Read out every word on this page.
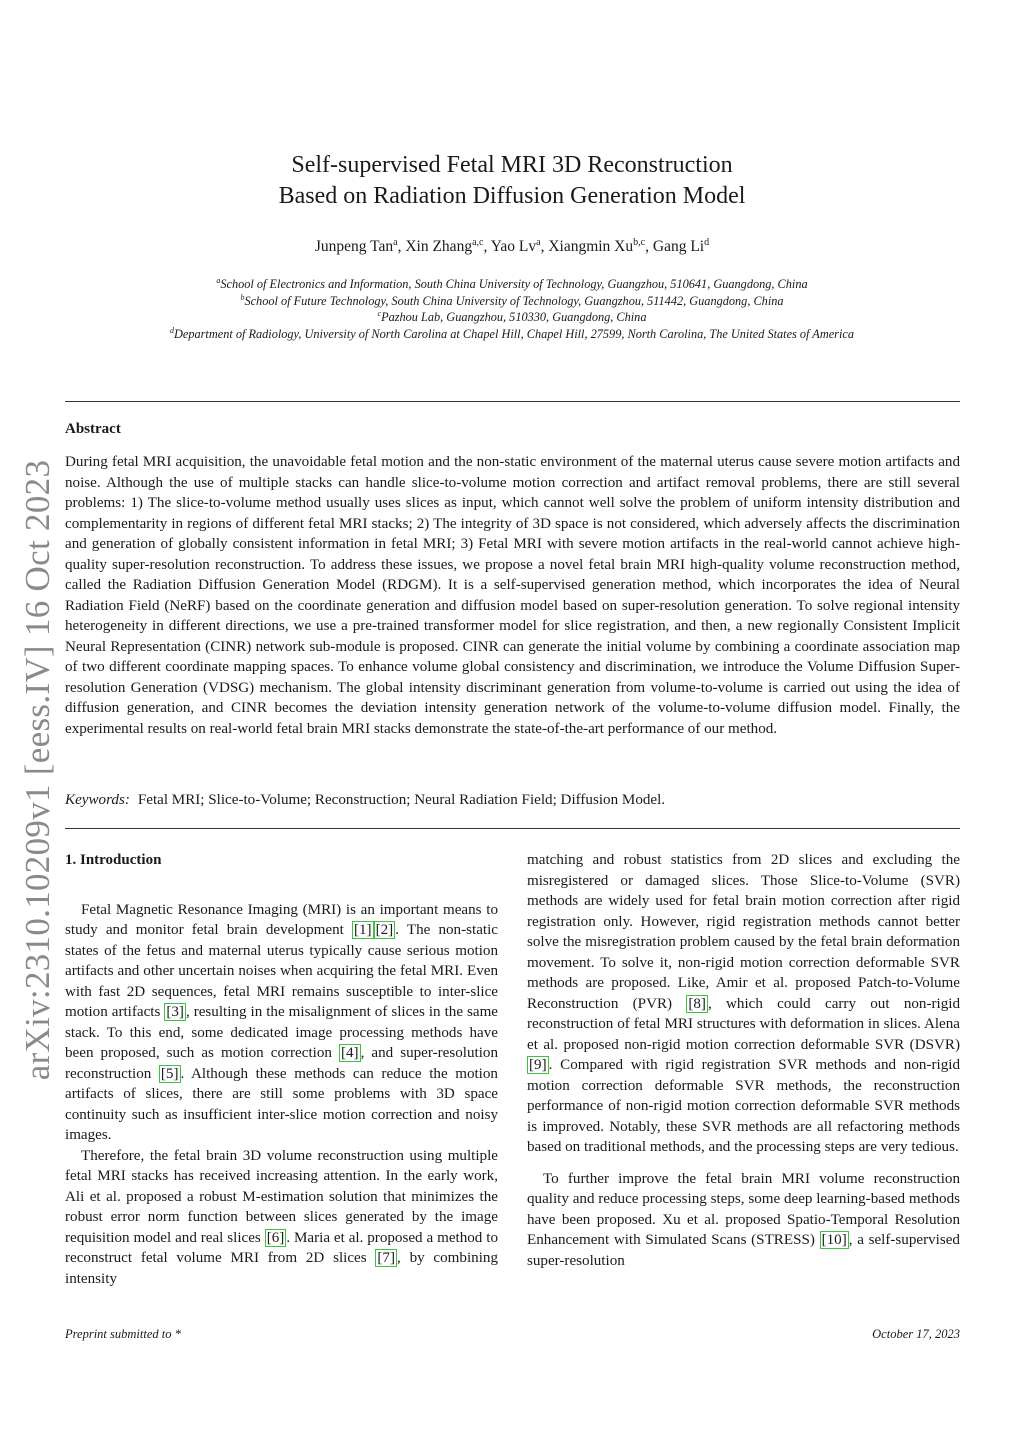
arXiv:2310.10209v1 [eess.IV] 16 Oct 2023
Self-supervised Fetal MRI 3D Reconstruction
Based on Radiation Diffusion Generation Model
Junpeng Tan$^a$, Xin Zhang$^{a,c}$, Yao Lv$^a$, Xiangmin Xu$^{b,c}$, Gang Li$^d$
$^a$School of Electronics and Information, South China University of Technology, Guangzhou, 510641, Guangdong, China
$^b$School of Future Technology, South China University of Technology, Guangzhou, 511442, Guangdong, China
$^c$Pazhou Lab, Guangzhou, 510330, Guangdong, China
$^d$Department of Radiology, University of North Carolina at Chapel Hill, Chapel Hill, 27599, North Carolina, The United States of America
Abstract
During fetal MRI acquisition, the unavoidable fetal motion and the non-static environment of the maternal uterus cause severe motion artifacts and noise. Although the use of multiple stacks can handle slice-to-volume motion correction and artifact removal problems, there are still several problems: 1) The slice-to-volume method usually uses slices as input, which cannot well solve the problem of uniform intensity distribution and complementarity in regions of different fetal MRI stacks; 2) The integrity of 3D space is not considered, which adversely affects the discrimination and generation of globally consistent information in fetal MRI; 3) Fetal MRI with severe motion artifacts in the real-world cannot achieve high-quality super-resolution reconstruction. To address these issues, we propose a novel fetal brain MRI high-quality volume reconstruction method, called the Radiation Diffusion Generation Model (RDGM). It is a self-supervised generation method, which incorporates the idea of Neural Radiation Field (NeRF) based on the coordinate generation and diffusion model based on super-resolution generation. To solve regional intensity heterogeneity in different directions, we use a pre-trained transformer model for slice registration, and then, a new regionally Consistent Implicit Neural Representation (CINR) network sub-module is proposed. CINR can generate the initial volume by combining a coordinate association map of two different coordinate mapping spaces. To enhance volume global consistency and discrimination, we introduce the Volume Diffusion Super-resolution Generation (VDSG) mechanism. The global intensity discriminant generation from volume-to-volume is carried out using the idea of diffusion generation, and CINR becomes the deviation intensity generation network of the volume-to-volume diffusion model. Finally, the experimental results on real-world fetal brain MRI stacks demonstrate the state-of-the-art performance of our method.
Keywords: Fetal MRI; Slice-to-Volume; Reconstruction; Neural Radiation Field; Diffusion Model.
1. Introduction

Fetal Magnetic Resonance Imaging (MRI) is an important means to study and monitor fetal brain development [1] [2] . The non-static states of the fetus and maternal uterus typically cause serious motion artifacts and other uncertain noises when acquiring the fetal MRI. Even with fast 2D sequences, fetal MRI remains susceptible to inter-slice motion artifacts [3] , resulting in the misalignment of slices in the same stack. To this end, some dedicated image processing methods have been proposed, such as motion correction [4] , and super-resolution reconstruction [5] . Although these methods can reduce the motion artifacts of slices, there are still some problems with 3D space continuity such as insufficient inter-slice motion correction and noisy images.

Therefore, the fetal brain 3D volume reconstruction using multiple fetal MRI stacks has received increasing attention. In the early work, Ali et al. proposed a robust M-estimation solution that minimizes the robust error norm function between slices generated by the image requisition model and real slices [6] . Maria et al. proposed a method to reconstruct fetal volume MRI from 2D slices [7] , by combining intensity

matching and robust statistics from 2D slices and excluding the misregistered or damaged slices. Those Slice-to-Volume (SVR) methods are widely used for fetal brain motion correction after rigid registration only. However, rigid registration methods cannot better solve the misregistration problem caused by the fetal brain deformation movement. To solve it, non-rigid motion correction deformable SVR methods are proposed. Like, Amir et al. proposed Patch-to-Volume Reconstruction (PVR) [8] , which could carry out non-rigid reconstruction of fetal MRI structures with deformation in slices. Alena et al. proposed non-rigid motion correction deformable SVR (DSVR) [9] . Compared with rigid registration SVR methods and non-rigid motion correction deformable SVR methods, the reconstruction performance of non-rigid motion correction deformable SVR methods is improved. Notably, these SVR methods are all refactoring methods based on traditional methods, and the processing steps are very tedious.

To further improve the fetal brain MRI volume reconstruction quality and reduce processing steps, some deep learning-based methods have been proposed. Xu et al. proposed Spatio-Temporal Resolution Enhancement with Simulated Scans (STRESS) [10] , a self-supervised super-resolution

Preprint submitted to *	October 17, 2023
